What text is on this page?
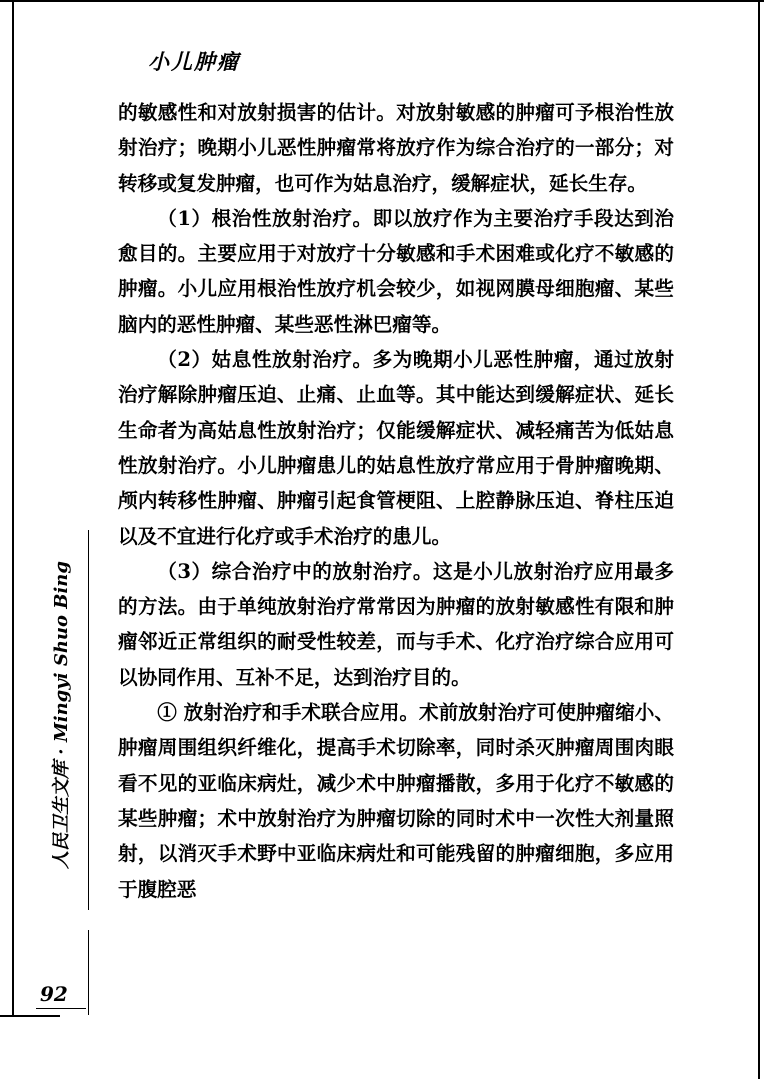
小儿肿瘤

的敏感性和对放射损害的估计。对放射敏感的肿瘤可予根治性放射治疗；晚期小儿恶性肿瘤常将放疗作为综合治疗的一部分；对转移或复发肿瘤，也可作为姑息治疗，缓解症状，延长生存。

（1）根治性放射治疗。即以放疗作为主要治疗手段达到治愈目的。主要应用于对放疗十分敏感和手术困难或化疗不敏感的肿瘤。小儿应用根治性放疗机会较少，如视网膜母细胞瘤、某些脑内的恶性肿瘤、某些恶性淋巴瘤等。

（2）姑息性放射治疗。多为晚期小儿恶性肿瘤，通过放射治疗解除肿瘤压迫、止痛、止血等。其中能达到缓解症状、延长生命者为高姑息性放射治疗；仅能缓解症状、减轻痛苦为低姑息性放射治疗。小儿肿瘤患儿的姑息性放疗常应用于骨肿瘤晚期、颅内转移性肿瘤、肿瘤引起食管梗阻、上腔静脉压迫、脊柱压迫以及不宜进行化疗或手术治疗的患儿。

（3）综合治疗中的放射治疗。这是小儿放射治疗应用最多的方法。由于单纯放射治疗常常因为肿瘤的放射敏感性有限和肿瘤邻近正常组织的耐受性较差，而与手术、化疗治疗综合应用可以协同作用、互补不足，达到治疗目的。

① 放射治疗和手术联合应用。术前放射治疗可使肿瘤缩小、肿瘤周围组织纤维化，提高手术切除率，同时杀灭肿瘤周围肉眼看不见的亚临床病灶，减少术中肿瘤播散，多用于化疗不敏感的某些肿瘤；术中放射治疗为肿瘤切除的同时术中一次性大剂量照射，以消灭手术野中亚临床病灶和可能残留的肿瘤细胞，多应用于腹腔恶

人民卫生文库 · Mingyi Shuo Bing
92
